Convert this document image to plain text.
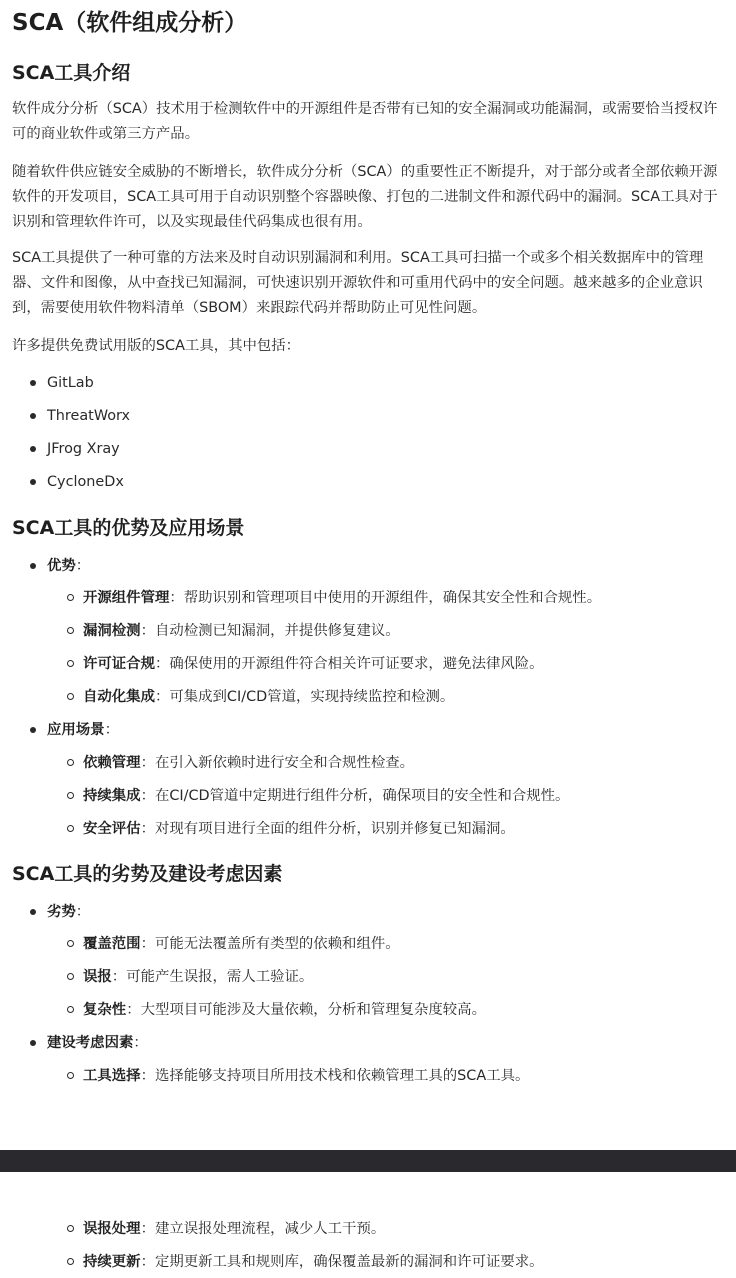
SCA（软件组成分析）
SCA工具介绍

软件成分分析（SCA）技术用于检测软件中的开源组件是否带有已知的安全漏洞或功能漏洞，或需要恰当授权许可的商业软件或第三方产品。

随着软件供应链安全威胁的不断增长，软件成分分析（SCA）的重要性正不断提升，对于部分或者全部依赖开源软件的开发项目，SCA工具可用于自动识别整个容器映像、打包的二进制文件和源代码中的漏洞。SCA工具对于识别和管理软件许可，以及实现最佳代码集成也很有用。

SCA工具提供了一种可靠的方法来及时自动识别漏洞和利用。SCA工具可扫描一个或多个相关数据库中的管理器、文件和图像，从中查找已知漏洞，可快速识别开源软件和可重用代码中的安全问题。越来越多的企业意识到，需要使用软件物料清单（SBOM）来跟踪代码并帮助防止可见性问题。

许多提供免费试用版的SCA工具，其中包括：

GitLab
ThreatWorx
JFrog Xray
CycloneDx
SCA工具的优势及应用场景
优势：
开源组件管理：帮助识别和管理项目中使用的开源组件，确保其安全性和合规性。
漏洞检测：自动检测已知漏洞，并提供修复建议。
许可证合规：确保使用的开源组件符合相关许可证要求，避免法律风险。
自动化集成：可集成到CI/CD管道，实现持续监控和检测。
应用场景：
依赖管理：在引入新依赖时进行安全和合规性检查。
持续集成：在CI/CD管道中定期进行组件分析，确保项目的安全性和合规性。
安全评估：对现有项目进行全面的组件分析，识别并修复已知漏洞。
SCA工具的劣势及建设考虑因素
劣势：
覆盖范围：可能无法覆盖所有类型的依赖和组件。
误报：可能产生误报，需人工验证。
复杂性：大型项目可能涉及大量依赖，分析和管理复杂度较高。
建设考虑因素：
工具选择：选择能够支持项目所用技术栈和依赖管理工具的SCA工具。
误报处理：建立误报处理流程，减少人工干预。
持续更新：定期更新工具和规则库，确保覆盖最新的漏洞和许可证要求。
